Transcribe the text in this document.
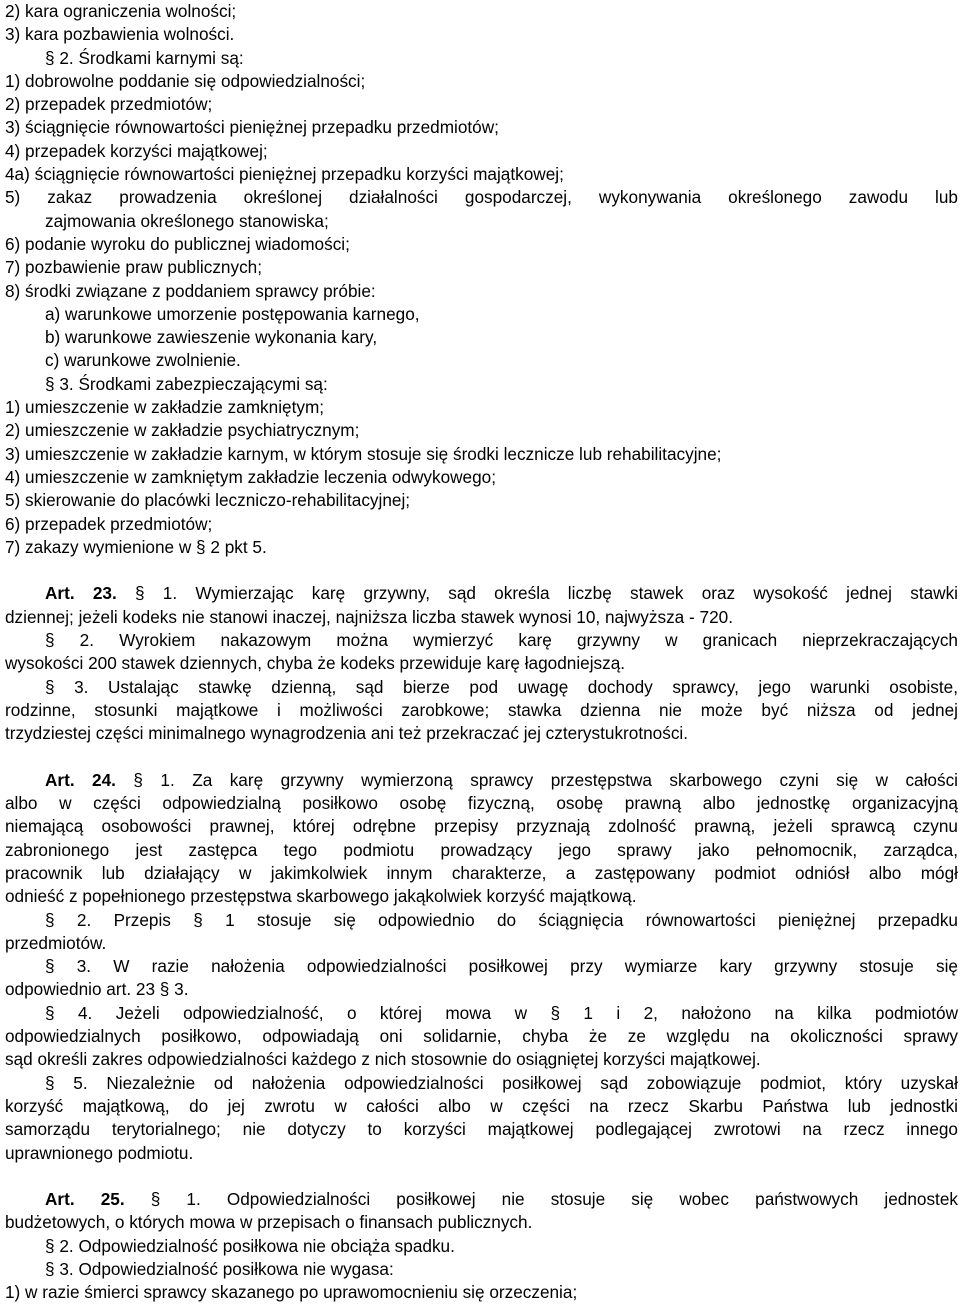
2) kara ograniczenia wolności;
3) kara pozbawienia wolności.
§ 2. Środkami karnymi są:
1) dobrowolne poddanie się odpowiedzialności;
2) przepadek przedmiotów;
3) ściągnięcie równowartości pieniężnej przepadku przedmiotów;
4) przepadek korzyści majątkowej;
4a) ściągnięcie równowartości pieniężnej przepadku korzyści majątkowej;
5) zakaz prowadzenia określonej działalności gospodarczej, wykonywania określonego zawodu lub
zajmowania określonego stanowiska;
6) podanie wyroku do publicznej wiadomości;
7) pozbawienie praw publicznych;
8) środki związane z poddaniem sprawcy próbie:
a) warunkowe umorzenie postępowania karnego,
b) warunkowe zawieszenie wykonania kary,
c) warunkowe zwolnienie.
§ 3. Środkami zabezpieczającymi są:
1) umieszczenie w zakładzie zamkniętym;
2) umieszczenie w zakładzie psychiatrycznym;
3) umieszczenie w zakładzie karnym, w którym stosuje się środki lecznicze lub rehabilitacyjne;
4) umieszczenie w zamkniętym zakładzie leczenia odwykowego;
5) skierowanie do placówki leczniczo-rehabilitacyjnej;
6) przepadek przedmiotów;
7) zakazy wymienione w § 2 pkt 5.
Art. 23. § 1. Wymierzając karę grzywny, sąd określa liczbę stawek oraz wysokość jednej stawki
dziennej; jeżeli kodeks nie stanowi inaczej, najniższa liczba stawek wynosi 10, najwyższa - 720.
§ 2. Wyrokiem nakazowym można wymierzyć karę grzywny w granicach nieprzekraczających
wysokości 200 stawek dziennych, chyba że kodeks przewiduje karę łagodniejszą.
§ 3. Ustalając stawkę dzienną, sąd bierze pod uwagę dochody sprawcy, jego warunki osobiste,
rodzinne, stosunki majątkowe i możliwości zarobkowe; stawka dzienna nie może być niższa od jednej
trzydziestej części minimalnego wynagrodzenia ani też przekraczać jej czterystukrotności.
Art. 24. § 1. Za karę grzywny wymierzoną sprawcy przestępstwa skarbowego czyni się w całości
albo w części odpowiedzialną posiłkowo osobę fizyczną, osobę prawną albo jednostkę organizacyjną
niemającą osobowości prawnej, której odrębne przepisy przyznają zdolność prawną, jeżeli sprawcą czynu
zabronionego jest zastępca tego podmiotu prowadzący jego sprawy jako pełnomocnik, zarządca,
pracownik lub działający w jakimkolwiek innym charakterze, a zastępowany podmiot odniósł albo mógł
odnieść z popełnionego przestępstwa skarbowego jakąkolwiek korzyść majątkową.
§ 2. Przepis § 1 stosuje się odpowiednio do ściągnięcia równowartości pieniężnej przepadku
przedmiotów.
§ 3. W razie nałożenia odpowiedzialności posiłkowej przy wymiarze kary grzywny stosuje się
odpowiednio art. 23 § 3.
§ 4. Jeżeli odpowiedzialność, o której mowa w § 1 i 2, nałożono na kilka podmiotów
odpowiedzialnych posiłkowo, odpowiadają oni solidarnie, chyba że ze względu na okoliczności sprawy
sąd określi zakres odpowiedzialności każdego z nich stosownie do osiągniętej korzyści majątkowej.
§ 5. Niezależnie od nałożenia odpowiedzialności posiłkowej sąd zobowiązuje podmiot, który uzyskał
korzyść majątkową, do jej zwrotu w całości albo w części na rzecz Skarbu Państwa lub jednostki
samorządu terytorialnego; nie dotyczy to korzyści majątkowej podlegającej zwrotowi na rzecz innego
uprawnionego podmiotu.
Art. 25. § 1. Odpowiedzialności posiłkowej nie stosuje się wobec państwowych jednostek
budżetowych, o których mowa w przepisach o finansach publicznych.
§ 2. Odpowiedzialność posiłkowa nie obciąża spadku.
§ 3. Odpowiedzialność posiłkowa nie wygasa:
1) w razie śmierci sprawcy skazanego po uprawomocnieniu się orzeczenia;
